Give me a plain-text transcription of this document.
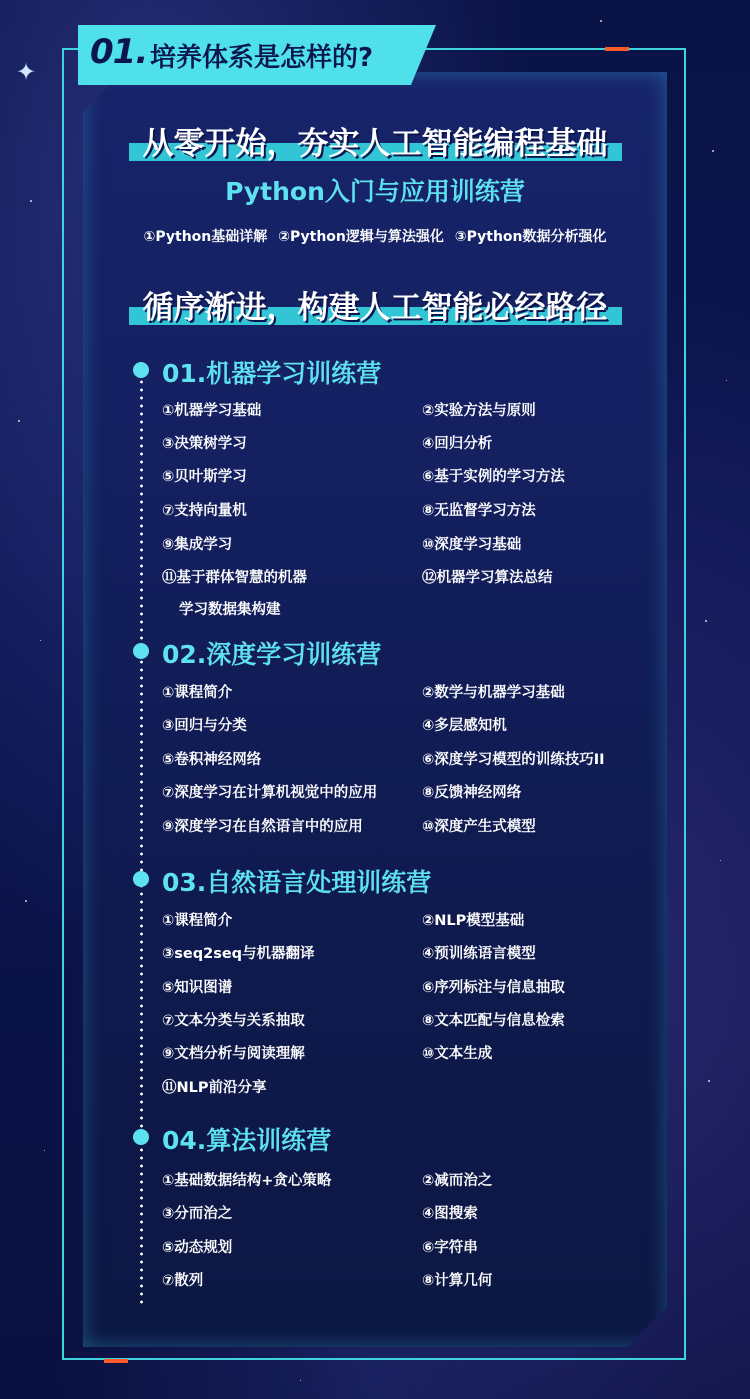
✦ 01. 培养体系是怎样的?
从零开始，夯实人工智能编程基础
Python入门与应用训练营
①Python基础详解 ②Python逻辑与算法强化 ③Python数据分析强化
循序渐进，构建人工智能必经路径
01.机器学习训练营
①机器学习基础	②实验方法与原则
③决策树学习	④回归分析
⑤贝叶斯学习	⑥基于实例的学习方法
⑦支持向量机	⑧无监督学习方法
⑨集成学习	⑩深度学习基础
⑪基于群体智慧的机器	⑫机器学习算法总结
学习数据集构建
02.深度学习训练营
①课程简介	②数学与机器学习基础
③回归与分类	④多层感知机
⑤卷积神经网络	⑥深度学习模型的训练技巧II
⑦深度学习在计算机视觉中的应用	⑧反馈神经网络
⑨深度学习在自然语言中的应用	⑩深度产生式模型
03.自然语言处理训练营
①课程简介	②NLP模型基础
③seq2seq与机器翻译	④预训练语言模型
⑤知识图谱	⑥序列标注与信息抽取
⑦文本分类与关系抽取	⑧文本匹配与信息检索
⑨文档分析与阅读理解	⑩文本生成
⑪NLP前沿分享
04.算法训练营
①基础数据结构+贪心策略	②减而治之
③分而治之	④图搜索
⑤动态规划	⑥字符串
⑦散列	⑧计算几何
